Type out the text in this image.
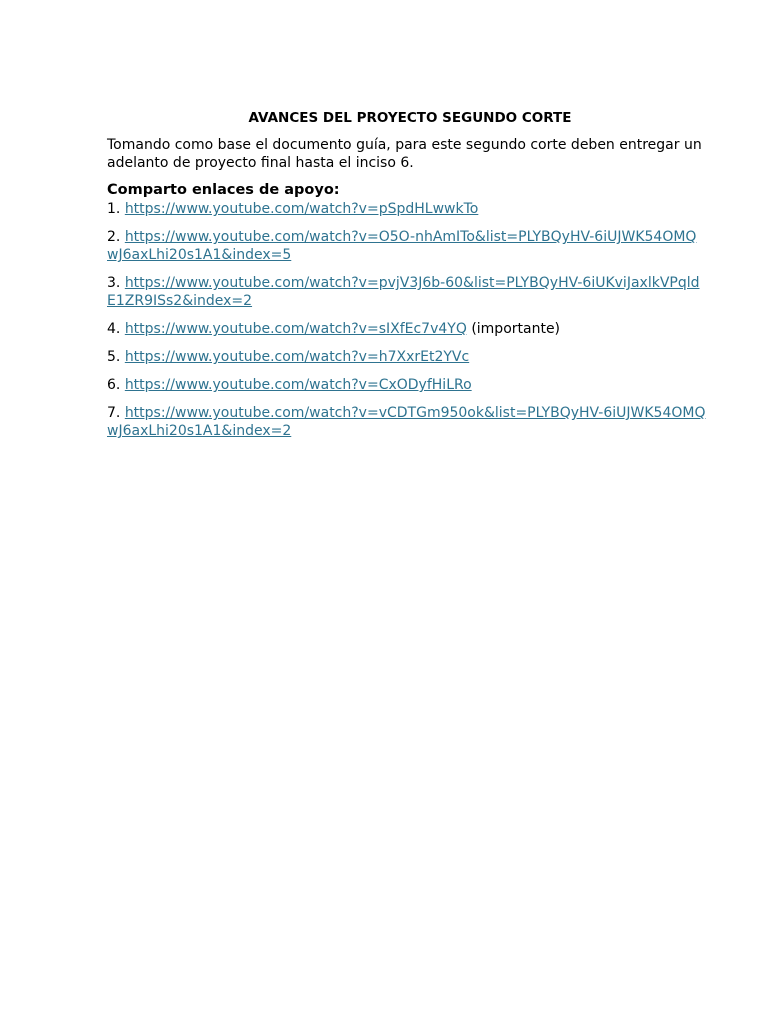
AVANCES DEL PROYECTO SEGUNDO CORTE
Tomando como base el documento guía, para este segundo corte deben entregar un adelanto de proyecto final hasta el inciso 6.
Comparto enlaces de apoyo:
1. https://www.youtube.com/watch?v=pSpdHLwwkTo
2. https://www.youtube.com/watch?v=O5O-nhAmITo&list=PLYBQyHV-6iUJWK54OMQwJ6axLhi20s1A1&index=5
3. https://www.youtube.com/watch?v=pvjV3J6b-60&list=PLYBQyHV-6iUKviJaxlkVPqldE1ZR9ISs2&index=2
4. https://www.youtube.com/watch?v=sIXfEc7v4YQ (importante)
5. https://www.youtube.com/watch?v=h7XxrEt2YVc
6. https://www.youtube.com/watch?v=CxODyfHiLRo
7. https://www.youtube.com/watch?v=vCDTGm950ok&list=PLYBQyHV-6iUJWK54OMQwJ6axLhi20s1A1&index=2
